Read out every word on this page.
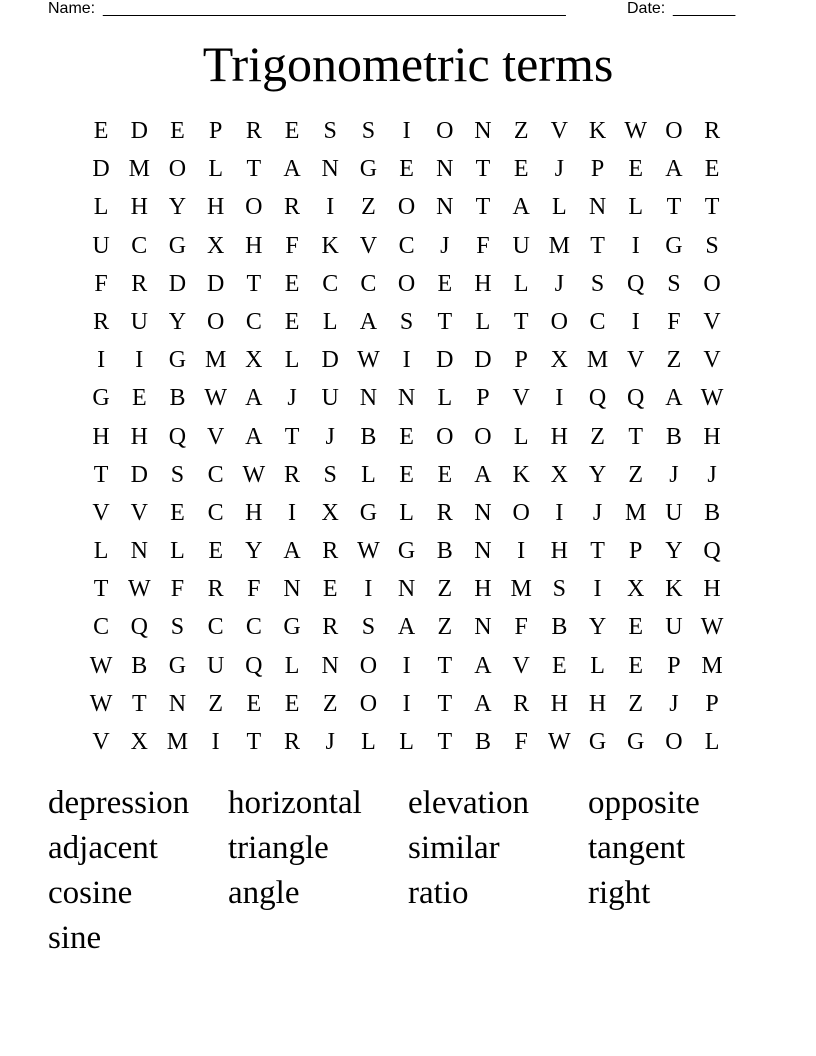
Name: ____________________________________________________	Date: _______
Trigonometric terms
E D E	P R E	S	S	I	O N Z V K W O R
D M O L T A N G E N T E	J	P	E A E
L H Y H O R	I	Z O N T A L N L T T
U C G X H F K V C	J	F U M T	I	G S
F R D D T E C C O E H L	J	S Q S O
R U Y O C E L A S	T L T O C	I	F V
I	I	G M X L D W I	D D P X M V Z V
G E B W A	J	U N N L	P V	I	Q Q A W
H H Q V A T	J	B E O O L H Z T B H
T D S C W R S	L E E A K X Y Z	J	J
V V E C H	I	X G L R N O	I	J M U B
L N L E Y A R W G B N	I	H T	P Y Q
T W F R F N E	I	N Z H M S	I	X K H
C Q S C C G R S A Z N F B Y E U W
W B G U Q L N O	I	T A V E L E	P M
W T N Z E E Z O	I	T A R H H Z	J	P
V X M I	T R	J	L L T B F W G G O L
depression	horizontal	elevation	opposite
adjacent	triangle	similar	tangent
cosine	angle	ratio	right
sine
